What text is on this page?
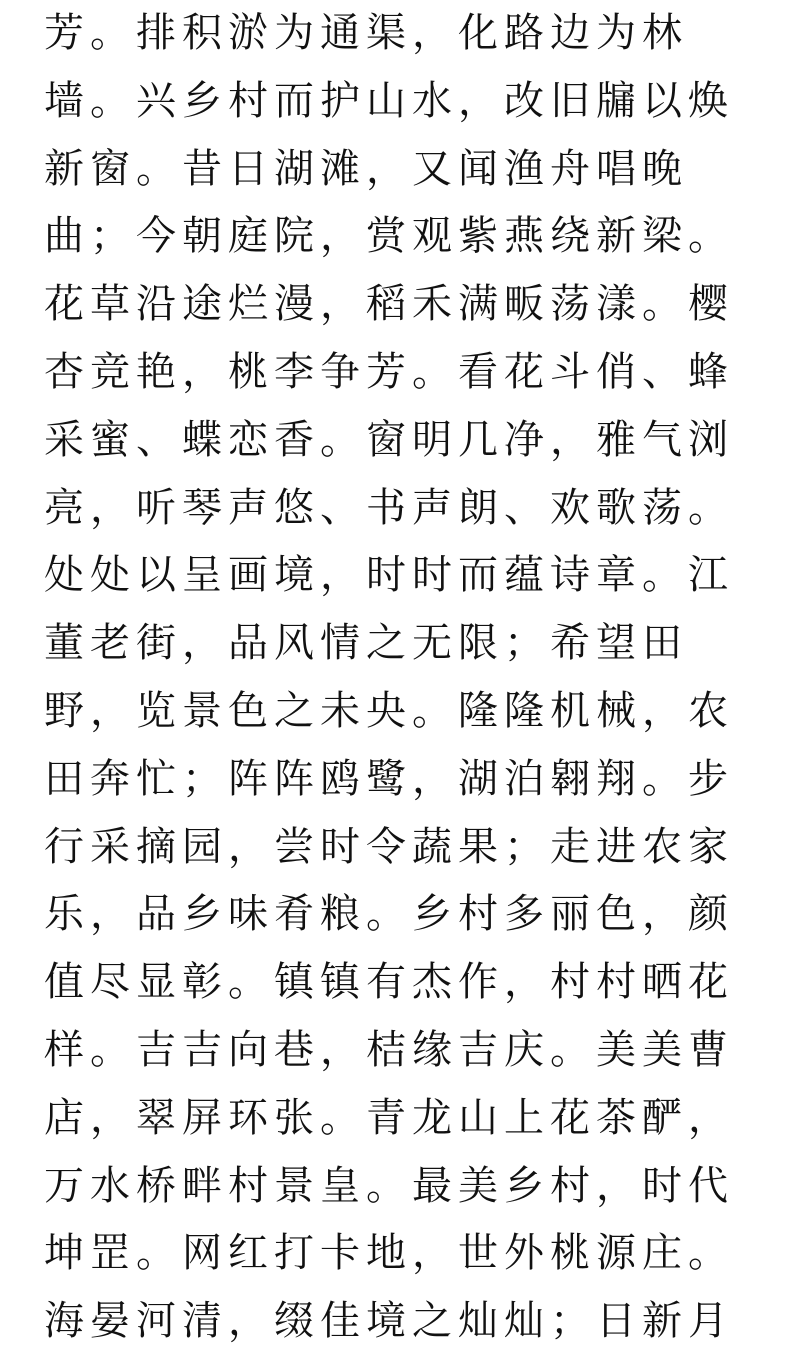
芳。排积淤为通渠，化路边为林
墙。兴乡村而护山水，改旧牖以焕
新窗。昔日湖滩，又闻渔舟唱晚
曲；今朝庭院，赏观紫燕绕新梁。
花草沿途烂漫，稻禾满畈荡漾。樱
杏竞艳，桃李争芳。看花斗俏、蜂
采蜜、蝶恋香。窗明几净，雅气浏
亮，听琴声悠、书声朗、欢歌荡。
处处以呈画境，时时而蕴诗章。江
董老街，品风情之无限；希望田
野，览景色之未央。隆隆机械，农
田奔忙；阵阵鸥鹭，湖泊翱翔。步
行采摘园，尝时令蔬果；走进农家
乐，品乡味肴粮。乡村多丽色，颜
值尽显彰。镇镇有杰作，村村晒花
样。吉吉向巷，桔缘吉庆。美美曹
店，翠屏环张。青龙山上花茶酽，
万水桥畔村景皇。最美乡村，时代
坤罡。网红打卡地，世外桃源庄。
海晏河清，缀佳境之灿灿；日新月
